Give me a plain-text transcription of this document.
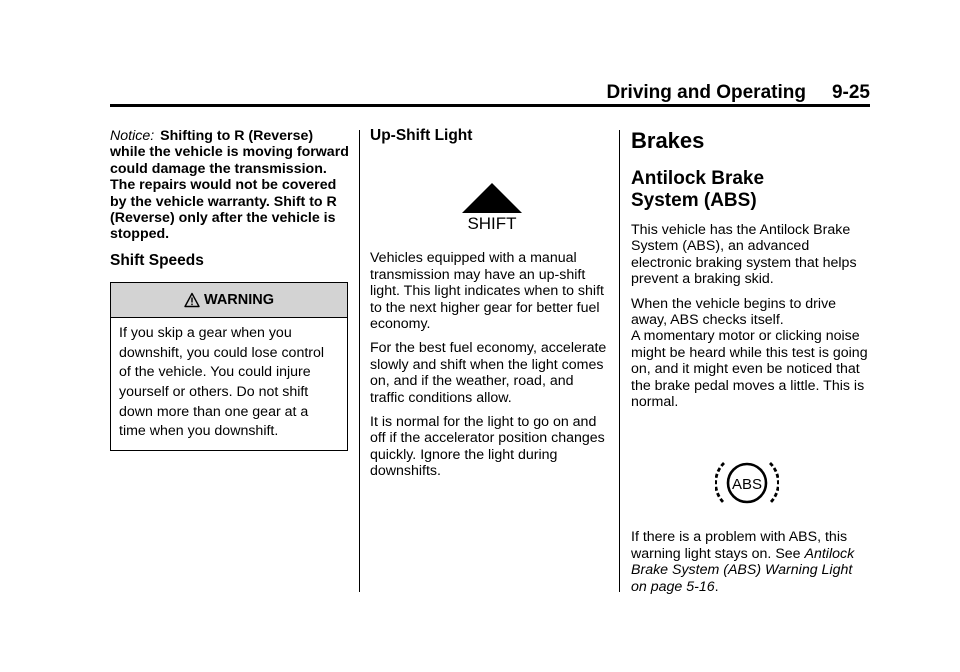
Driving and Operating 9-25

Notice: Shifting to R (Reverse) while the vehicle is moving forward could damage the transmission. The repairs would not be covered by the vehicle warranty. Shift to R (Reverse) only after the vehicle is stopped.

Shift Speeds
WARNING
If you skip a gear when you downshift, you could lose control of the vehicle. You could injure yourself or others. Do not shift down more than one gear at a time when you downshift.
Up-Shift Light
SHIFT

Vehicles equipped with a manual transmission may have an up-shift light. This light indicates when to shift to the next higher gear for better fuel economy.

For the best fuel economy, accelerate slowly and shift when the light comes on, and if the weather, road, and traffic conditions allow.

It is normal for the light to go on and off if the accelerator position changes quickly. Ignore the light during downshifts.

Brakes
Antilock Brake
System (ABS)

This vehicle has the Antilock Brake System (ABS), an advanced electronic braking system that helps prevent a braking skid.

When the vehicle begins to drive away, ABS checks itself.
A momentary motor or clicking noise might be heard while this test is going on, and it might even be noticed that the brake pedal moves a little. This is normal.

ABS

If there is a problem with ABS, this warning light stays on. See Antilock Brake System (ABS) Warning Light on page 5-16.
